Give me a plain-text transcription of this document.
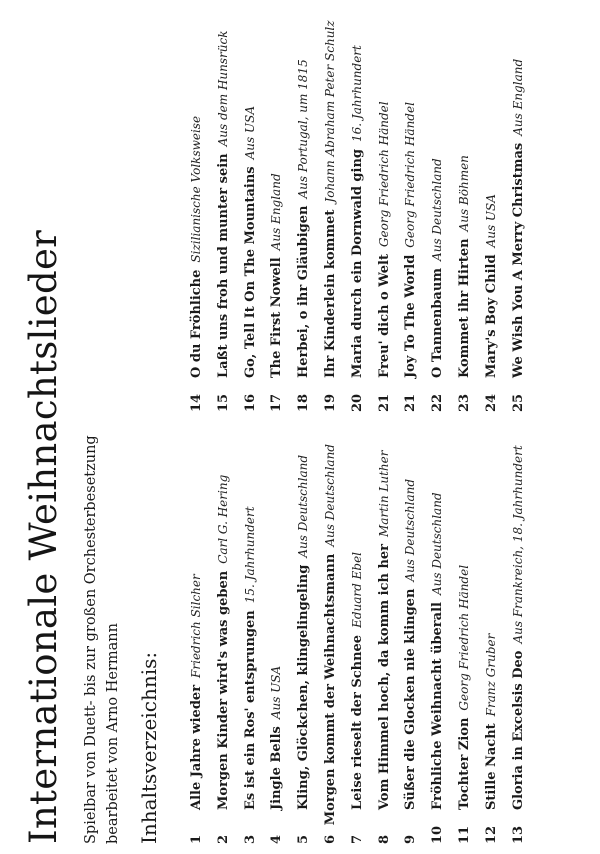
Internationale Weihnachtslieder Spielbar von Duett- bis zur großen Orchesterbesetzung bearbeitet von Arno Hermann Inhaltsverzeichnis:	1
Alle Jahre wieder
Friedrich Silcher
2
Morgen Kinder wird's was geben
Carl G. Hering
3
Es ist ein Ros' entsprungen
15. Jahrhundert
4
Jingle Bells
Aus USA
5
Kling, Glöckchen, klingelingeling
Aus Deutschland
6
Morgen kommt der Weihnachtsmann
Aus Deutschland
7
Leise rieselt der Schnee
Eduard Ebel
8
Vom Himmel hoch, da komm ich her
Martin Luther
9
Süßer die Glocken nie klingen
Aus Deutschland
10
Fröhliche Weihnacht überall
Aus Deutschland
11
Tochter Zion
Georg Friedrich Händel
12
Stille Nacht
Franz Gruber
13
Gloria in Excelsis Deo
Aus Frankreich, 18. Jahrhundert
14
O du Fröhliche
Sizilianische Volksweise
15
Laßt uns froh und munter sein
Aus dem Hunsrück
16
Go, Tell It On The Mountains
Aus USA
17
The First Nowell
Aus England
18
Herbei, o ihr Gläubigen
Aus Portugal, um 1815
19
Ihr Kinderlein kommet
Johann Abraham Peter Schulz
20
Maria durch ein Dornwald ging
16. Jahrhundert
21
Freu' dich o Welt
Georg Friedrich Händel
21
Joy To The World
Georg Friedrich Händel
22
O Tannenbaum
Aus Deutschland
23
Kommet ihr Hirten
Aus Böhmen
24
Mary's Boy Child
Aus USA
25
We Wish You A Merry Christmas
Aus England
